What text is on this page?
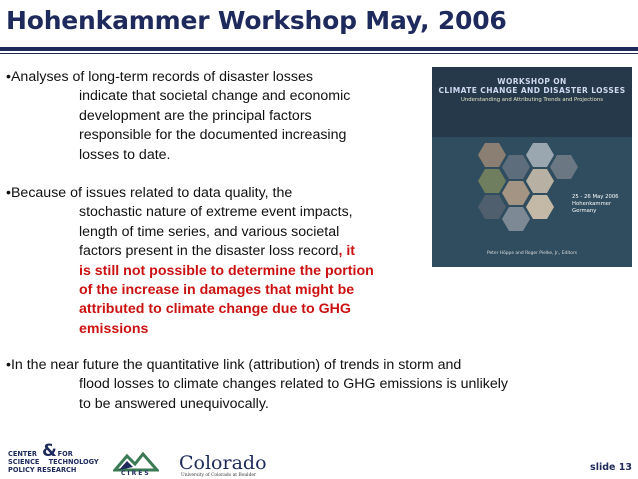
Hohenkammer Workshop May, 2006
•Analyses of long-term records of disaster losses
indicate that societal change and economic
development are the principal factors
responsible for the documented increasing
losses to date.
•Because of issues related to data quality, the
stochastic nature of extreme event impacts,
length of time series, and various societal
factors present in the disaster loss record, it
is still not possible to determine the portion
of the increase in damages that might be
attributed to climate change due to GHG
emissions
•In the near future the quantitative link (attribution) of trends in storm and
flood losses to climate changes related to GHG emissions is unlikely
to be answered unequivocally.
WORKSHOP ON
CLIMATE CHANGE AND DISASTER LOSSES
Understanding and Attributing Trends and Projections
25 - 26 May 2006
Hohenkammer
Germany
Peter Höppe and Roger Pielke, Jr., Editors
CENTER	FOR
SCIENCE TECHNOLOGY
POLICY RESEARCH
&
CIRES Colorado
University of Colorado at Boulder
slide 13
